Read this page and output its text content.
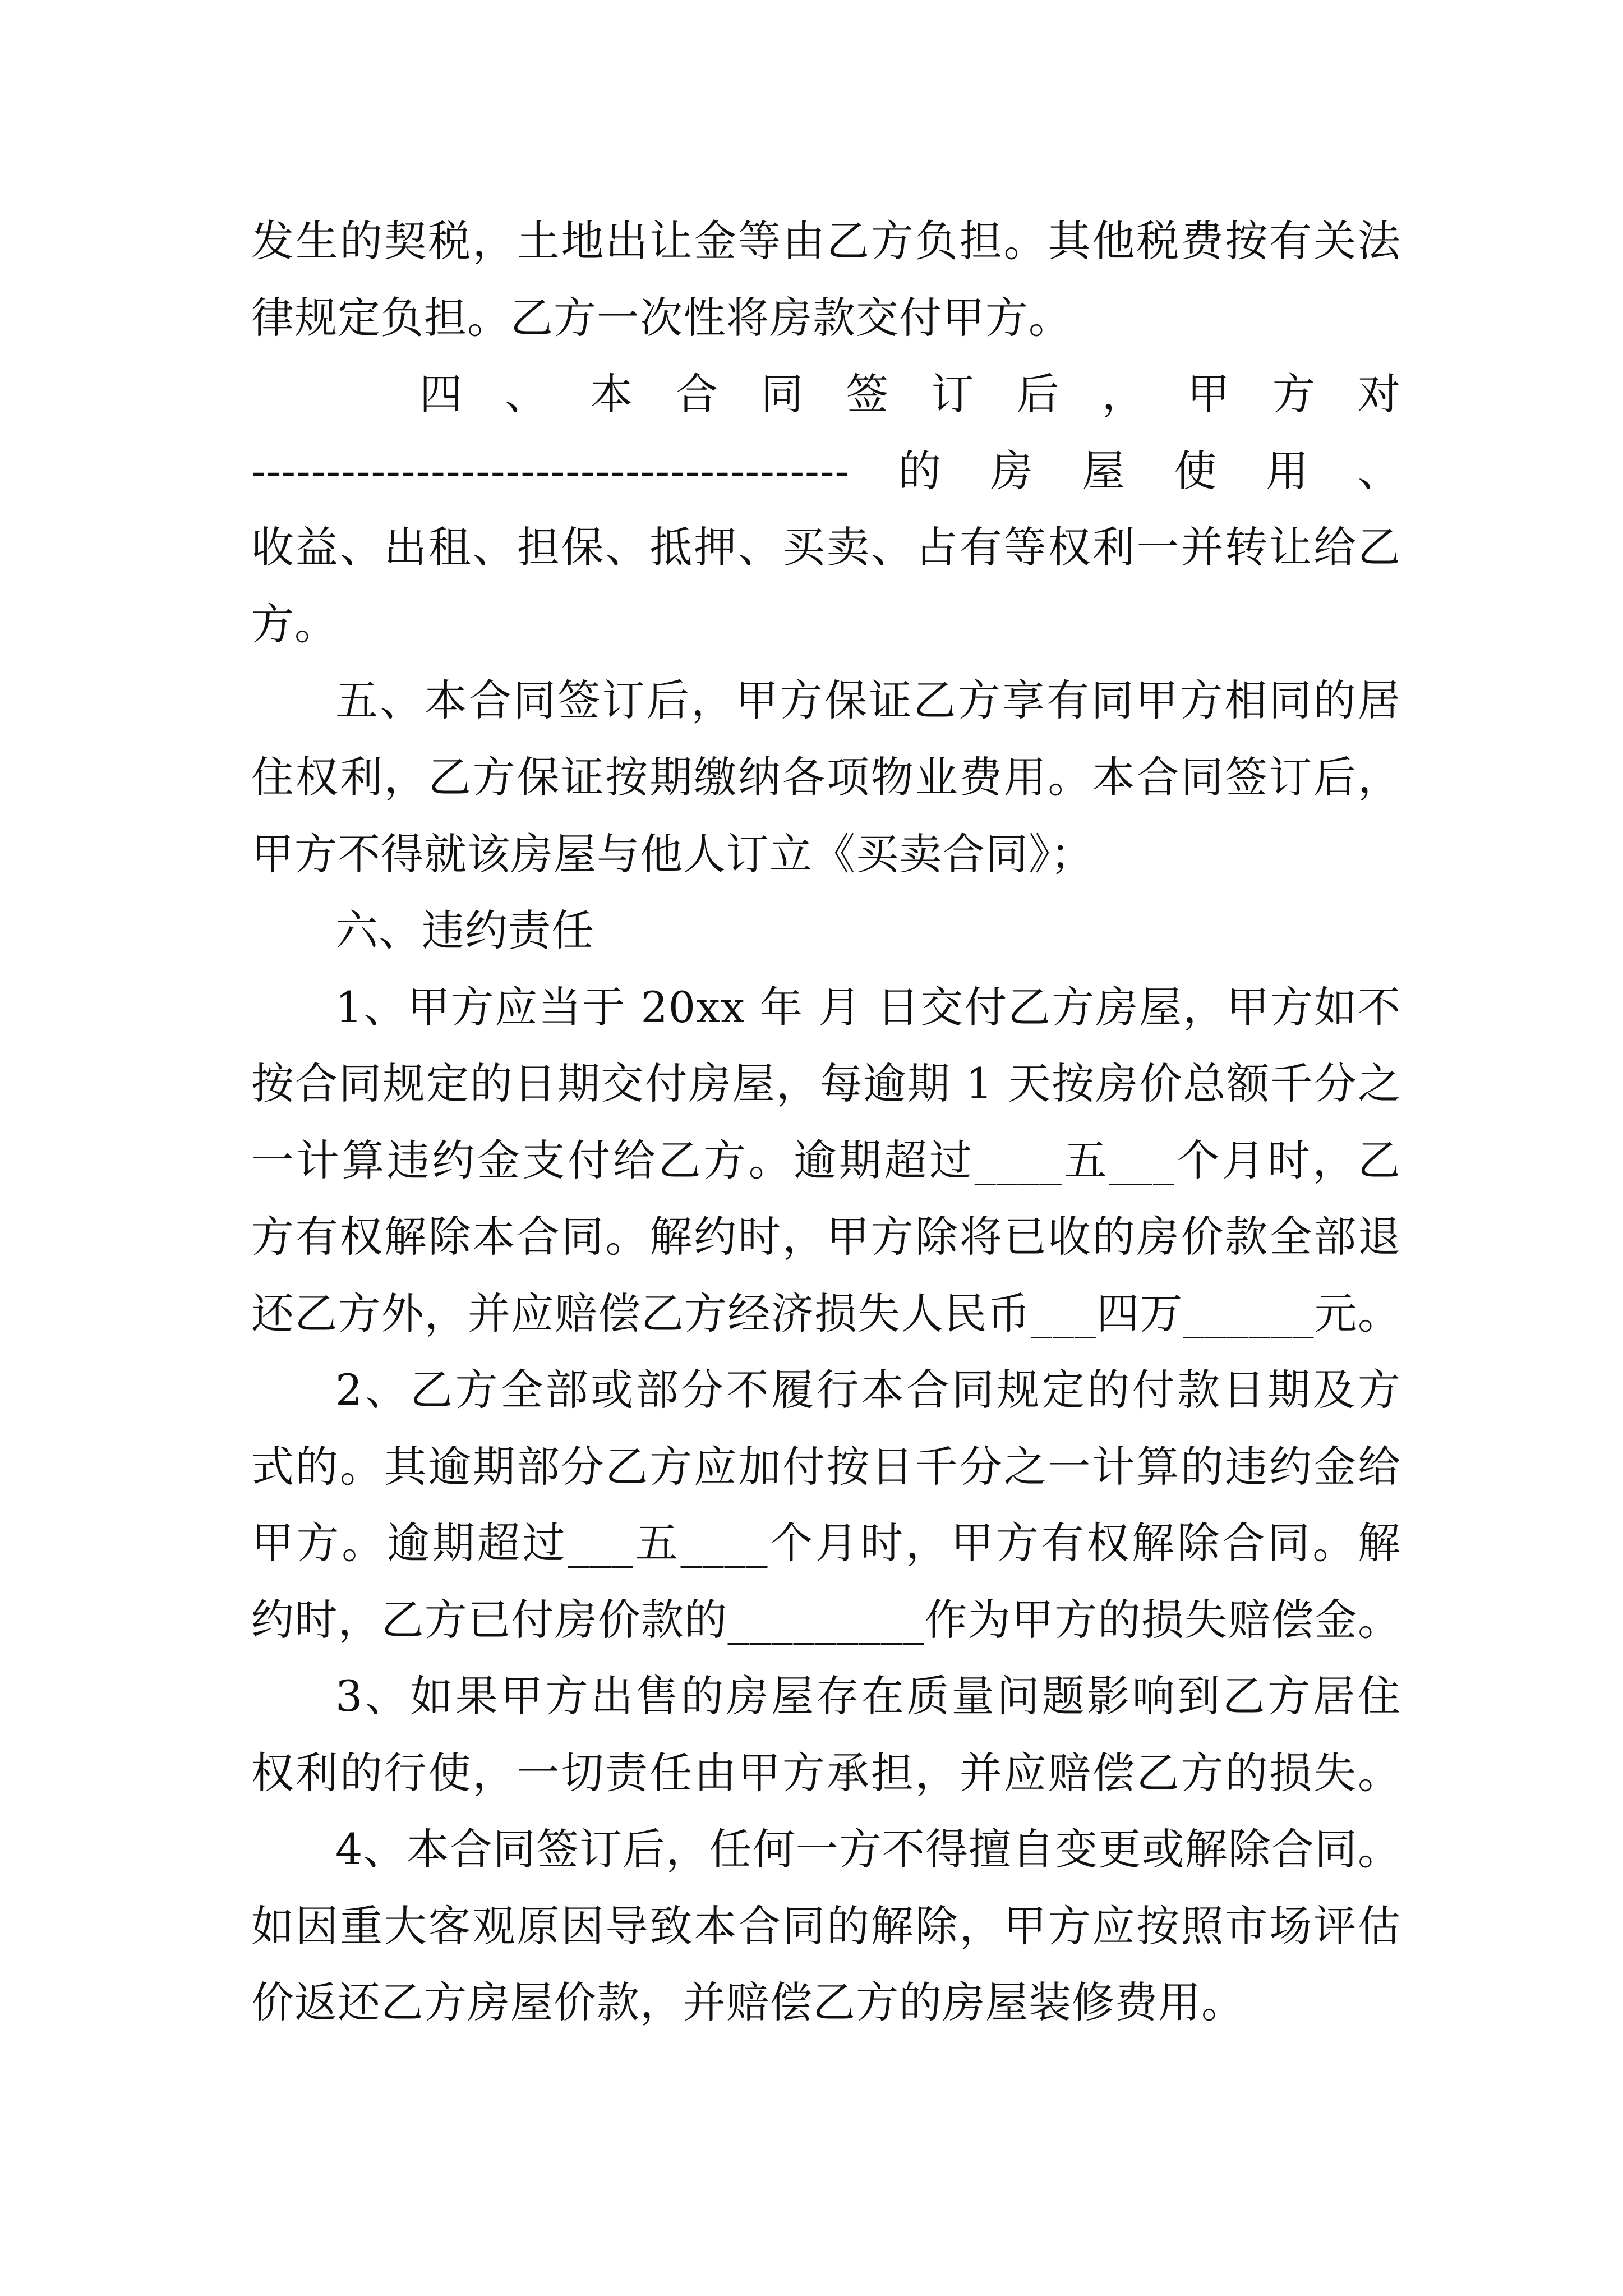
发生的契税，土地出让金等由乙方负担。其他税费按有关法
律规定负担。乙方一次性将房款交付甲方。
四 、 本 合 同 签 订 后 ， 甲 方 对
----------------------------------------的房屋使用、
收益、出租、担保、抵押、买卖、占有等权利一并转让给乙
方。
五、本合同签订后，甲方保证乙方享有同甲方相同的居
住权利，乙方保证按期缴纳各项物业费用。本合同签订后，
甲方不得就该房屋与他人订立《买卖合同》；
六、违约责任
1、甲方应当于 20xx 年 月 日交付乙方房屋，甲方如不
按合同规定的日期交付房屋，每逾期 1 天按房价总额千分之
一计算违约金支付给乙方。逾期超过____五___个月时，乙
方有权解除本合同。解约时，甲方除将已收的房价款全部退
还乙方外，并应赔偿乙方经济损失人民币___四万______元。
2、乙方全部或部分不履行本合同规定的付款日期及方
式的。其逾期部分乙方应加付按日千分之一计算的违约金给
甲方。逾期超过___五____个月时，甲方有权解除合同。解
约时，乙方已付房价款的_________作为甲方的损失赔偿金。
3、如果甲方出售的房屋存在质量问题影响到乙方居住
权利的行使，一切责任由甲方承担，并应赔偿乙方的损失。
4、本合同签订后，任何一方不得擅自变更或解除合同。
如因重大客观原因导致本合同的解除，甲方应按照市场评估
价返还乙方房屋价款，并赔偿乙方的房屋装修费用。
